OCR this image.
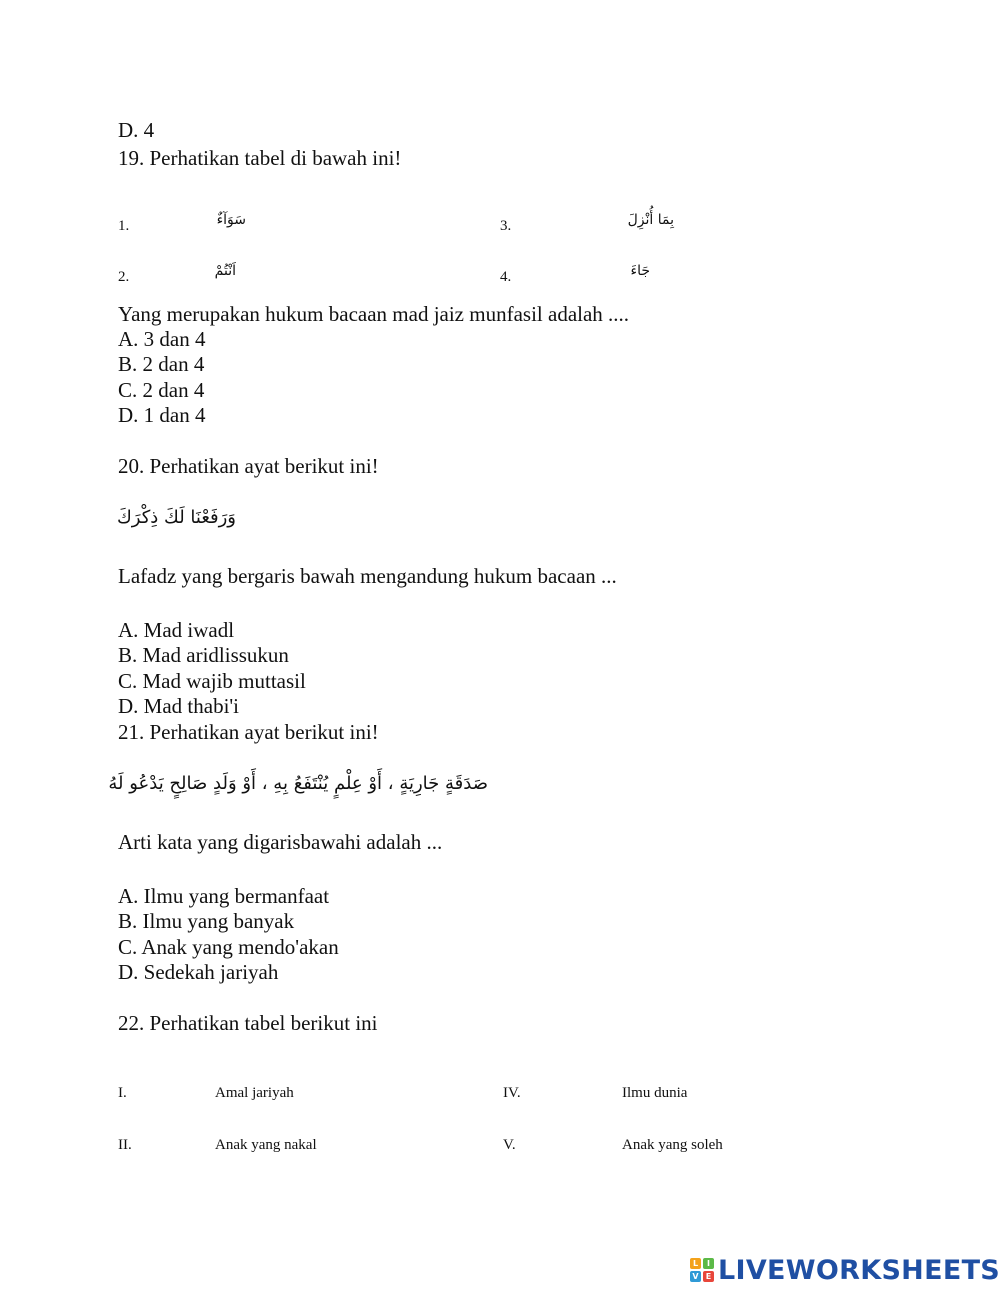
D. 4
19. Perhatikan tabel di bawah ini!
1.	سَوَآءٌ	3.	بِمَا أُنْزِلَ
2.	اَنْتُمْ	4.	جَاءَ
Yang merupakan hukum bacaan mad jaiz munfasil adalah ....
A. 3 dan 4
B. 2 dan 4
C. 2 dan 4
D. 1 dan 4
20. Perhatikan ayat berikut ini!
وَرَفَعْنَا لَكَ ذِكْرَكَ
Lafadz yang bergaris bawah mengandung hukum bacaan ...
A. Mad iwadl
B. Mad aridlissukun
C. Mad wajib muttasil
D. Mad thabi'i
21. Perhatikan ayat berikut ini!
صَدَقَةٍ جَارِيَةٍ ، أَوْ عِلْمٍ يُنْتَفَعُ بِهِ ، أَوْ وَلَدٍ صَالِحٍ يَدْعُو لَهُ
Arti kata yang digarisbawahi adalah ...
A. Ilmu yang bermanfaat
B. Ilmu yang banyak
C. Anak yang mendo'akan
D. Sedekah jariyah
22. Perhatikan tabel berikut ini
I.	Amal jariyah	IV.	Ilmu dunia
II.	Anak yang nakal	V.	Anak yang soleh
L	I
V E LIVEWORKSHEETS
